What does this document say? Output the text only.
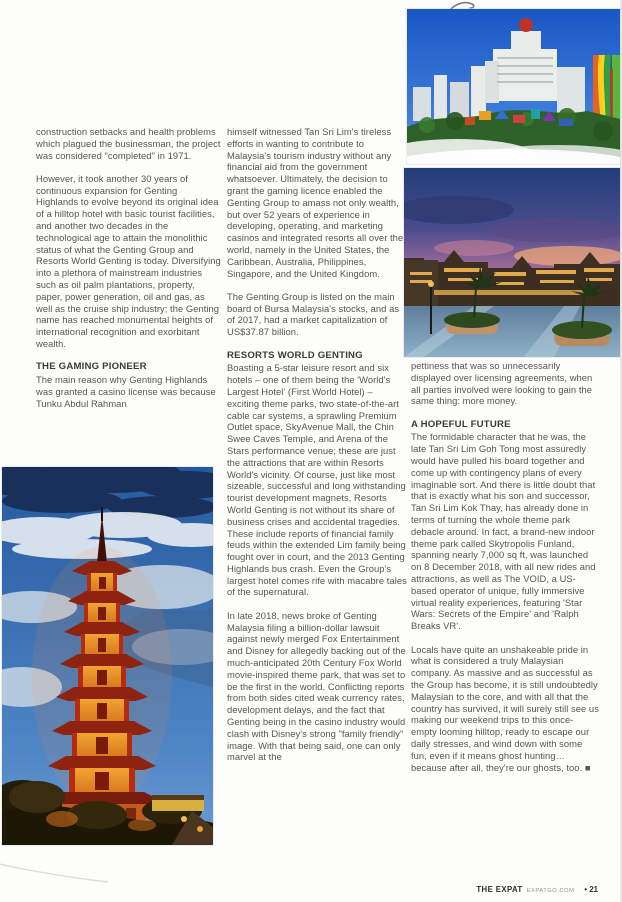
construction setbacks and health problems which plagued the businessman, the project was considered "completed" in 1971.

However, it took another 30 years of continuous expansion for Genting Highlands to evolve beyond its original idea of a hilltop hotel with basic tourist facilities, and another two decades in the technological age to attain the monolithic status of what the Genting Group and Resorts World Genting is today. Diversifying into a plethora of mainstream industries such as oil palm plantations, property, paper, power generation, oil and gas, as well as the cruise ship industry; the Genting name has reached monumental heights of international recognition and exorbitant wealth.

THE GAMING PIONEER

The main reason why Genting Highlands was granted a casino license was because Tunku Abdul Rahman

himself witnessed Tan Sri Lim's tireless efforts in wanting to contribute to Malaysia's tourism industry without any financial aid from the government whatsoever. Ultimately, the decision to grant the gaming licence enabled the Genting Group to amass not only wealth, but over 52 years of experience in developing, operating, and marketing casinos and integrated resorts all over the world, namely in the United States, the Caribbean, Australia, Philippines, Singapore, and the United Kingdom.

The Genting Group is listed on the main board of Bursa Malaysia's stocks, and as of 2017, had a market capitalization of US$37.87 billion.

RESORTS WORLD GENTING

Boasting a 5-star leisure resort and six hotels – one of them being the 'World's Largest Hotel' (First World Hotel) – exciting theme parks, two state-of-the-art cable car systems, a sprawling Premium Outlet space, SkyAvenue Mall, the Chin Swee Caves Temple, and Arena of the Stars performance venue; these are just the attractions that are within Resorts World's vicinity. Of course, just like most sizeable, successful and long withstanding tourist development magnets, Resorts World Genting is not without its share of business crises and accidental tragedies. These include reports of financial family feuds within the extended Lim family being fought over in court, and the 2013 Genting Highlands bus crash. Even the Group's largest hotel comes rife with macabre tales of the supernatural.

In late 2018, news broke of Genting Malaysia filing a billion-dollar lawsuit against newly merged Fox Entertainment and Disney for allegedly backing out of the much-anticipated 20th Century Fox World movie-inspired theme park, that was set to be the first in the world. Conflicting reports from both sides cited weak currency rates, development delays, and the fact that Genting being in the casino industry would clash with Disney's strong "family friendly" image. With that being said, one can only marvel at the

pettiness that was so unnecessarily displayed over licensing agreements, when all parties involved were looking to gain the same thing: more money.

A HOPEFUL FUTURE

The formidable character that he was, the late Tan Sri Lim Goh Tong most assuredly would have pulled his board together and come up with contingency plans of every imaginable sort. And there is little doubt that that is exactly what his son and successor, Tan Sri Lim Kok Thay, has already done in terms of turning the whole theme park debacle around. In fact, a brand-new indoor theme park called Skytropolis Funland, spanning nearly 7,000 sq ft, was launched on 8 December 2018, with all new rides and attractions, as well as The VOID, a US-based operator of unique, fully immersive virtual reality experiences, featuring 'Star Wars: Secrets of the Empire' and 'Ralph Breaks VR'.

Locals have quite an unshakeable pride in what is considered a truly Malaysian company. As massive and as successful as the Group has become, it is still undoubtedly Malaysian to the core, and with all that the country has survived, it will surely still see us making our weekend trips to this once-empty looming hilltop, ready to escape our daily stresses, and wind down with some fun, even if it means ghost hunting… because after all, they're our ghosts, too. ■

THE EXPAT EXPATGO.COM • 21
